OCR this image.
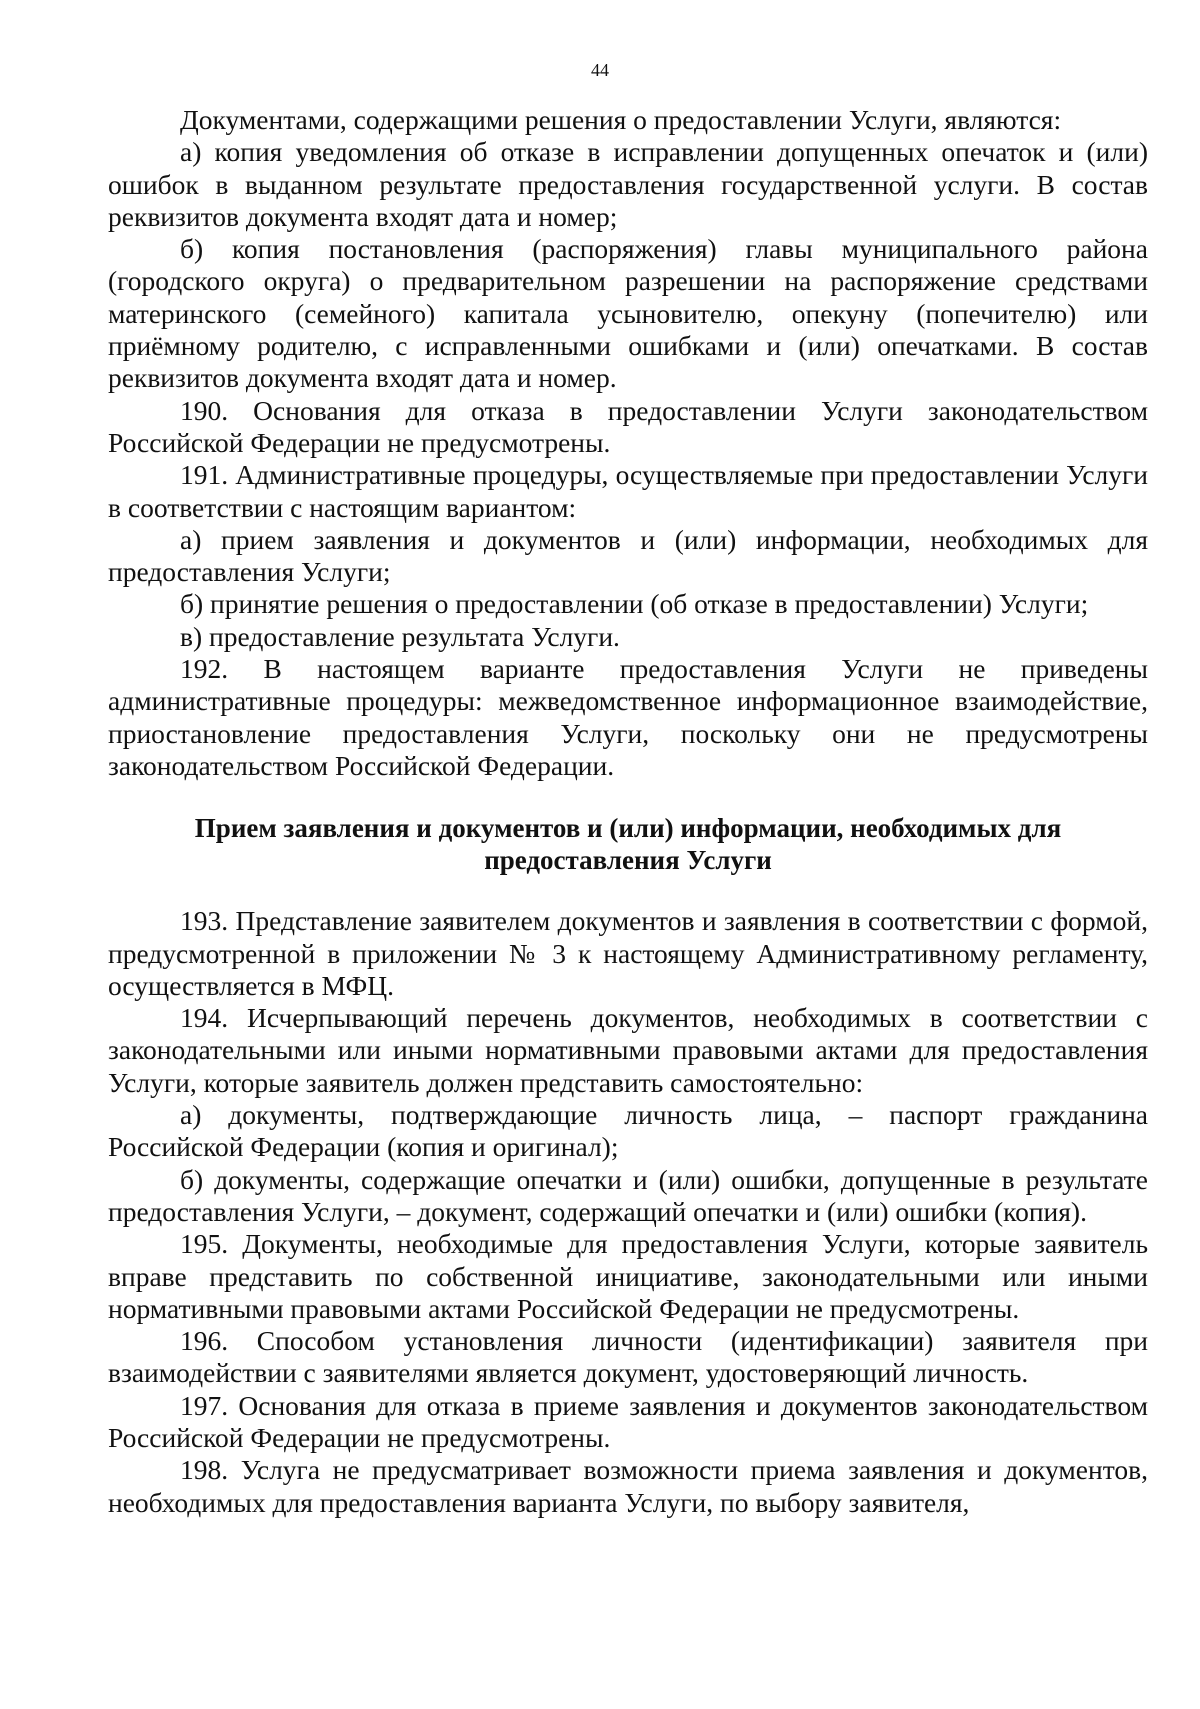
44

Документами, содержащими решения о предоставлении Услуги, являются:

а) копия уведомления об отказе в исправлении допущенных опечаток и (или) ошибок в выданном результате предоставления государственной услуги. В состав реквизитов документа входят дата и номер;

б) копия постановления (распоряжения) главы муниципального района (городского округа) о предварительном разрешении на распоряжение средствами материнского (семейного) капитала усыновителю, опекуну (попечителю) или приёмному родителю, с исправленными ошибками и (или) опечатками. В состав реквизитов документа входят дата и номер.

190. Основания для отказа в предоставлении Услуги законодательством Российской Федерации не предусмотрены.

191. Административные процедуры, осуществляемые при предоставлении Услуги в соответствии с настоящим вариантом:

а) прием заявления и документов и (или) информации, необходимых для предоставления Услуги;

б) принятие решения о предоставлении (об отказе в предоставлении) Услуги;

в) предоставление результата Услуги.

192. В настоящем варианте предоставления Услуги не приведены административные процедуры: межведомственное информационное взаимодействие, приостановление предоставления Услуги, поскольку они не предусмотрены законодательством Российской Федерации.

Прием заявления и документов и (или) информации, необходимых для предоставления Услуги

193. Представление заявителем документов и заявления в соответствии с формой, предусмотренной в приложении № 3 к настоящему Административному регламенту, осуществляется в МФЦ.

194. Исчерпывающий перечень документов, необходимых в соответствии с законодательными или иными нормативными правовыми актами для предоставления Услуги, которые заявитель должен представить самостоятельно:

а) документы, подтверждающие личность лица, – паспорт гражданина Российской Федерации (копия и оригинал);

б) документы, содержащие опечатки и (или) ошибки, допущенные в результате предоставления Услуги, – документ, содержащий опечатки и (или) ошибки (копия).

195. Документы, необходимые для предоставления Услуги, которые заявитель вправе представить по собственной инициативе, законодательными или иными нормативными правовыми актами Российской Федерации не предусмотрены.

196. Способом установления личности (идентификации) заявителя при взаимодействии с заявителями является документ, удостоверяющий личность.

197. Основания для отказа в приеме заявления и документов законодательством Российской Федерации не предусмотрены.

198. Услуга не предусматривает возможности приема заявления и документов, необходимых для предоставления варианта Услуги, по выбору заявителя,
